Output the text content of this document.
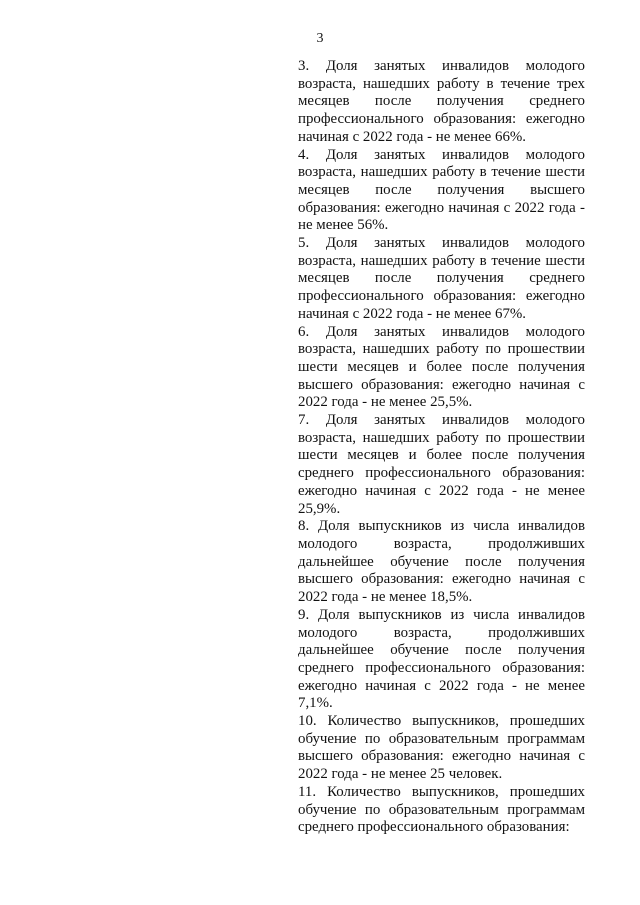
3

3. Доля занятых инвалидов молодого возраста, нашедших работу в течение трех месяцев после получения среднего профессионального образования: ежегодно начиная с 2022 года - не менее 66%.

4. Доля занятых инвалидов молодого возраста, нашедших работу в течение шести месяцев после получения высшего образования: ежегодно начиная с 2022 года - не менее 56%.

5. Доля занятых инвалидов молодого возраста, нашедших работу в течение шести месяцев после получения среднего профессионального образования: ежегодно начиная с 2022 года - не менее 67%.

6. Доля занятых инвалидов молодого возраста, нашедших работу по прошествии шести месяцев и более после получения высшего образования: ежегодно начиная с 2022 года - не менее 25,5%.

7. Доля занятых инвалидов молодого возраста, нашедших работу по прошествии шести месяцев и более после получения среднего профессионального образования: ежегодно начиная с 2022 года - не менее 25,9%.

8. Доля выпускников из числа инвалидов молодого возраста, продолживших дальнейшее обучение после получения высшего образования: ежегодно начиная с 2022 года - не менее 18,5%.

9. Доля выпускников из числа инвалидов молодого возраста, продолживших дальнейшее обучение после получения среднего профессионального образования: ежегодно начиная с 2022 года - не менее 7,1%.

10. Количество выпускников, прошедших обучение по образовательным программам высшего образования: ежегодно начиная с 2022 года - не менее 25 человек.

11. Количество выпускников, прошедших обучение по образовательным программам среднего профессионального образования:
